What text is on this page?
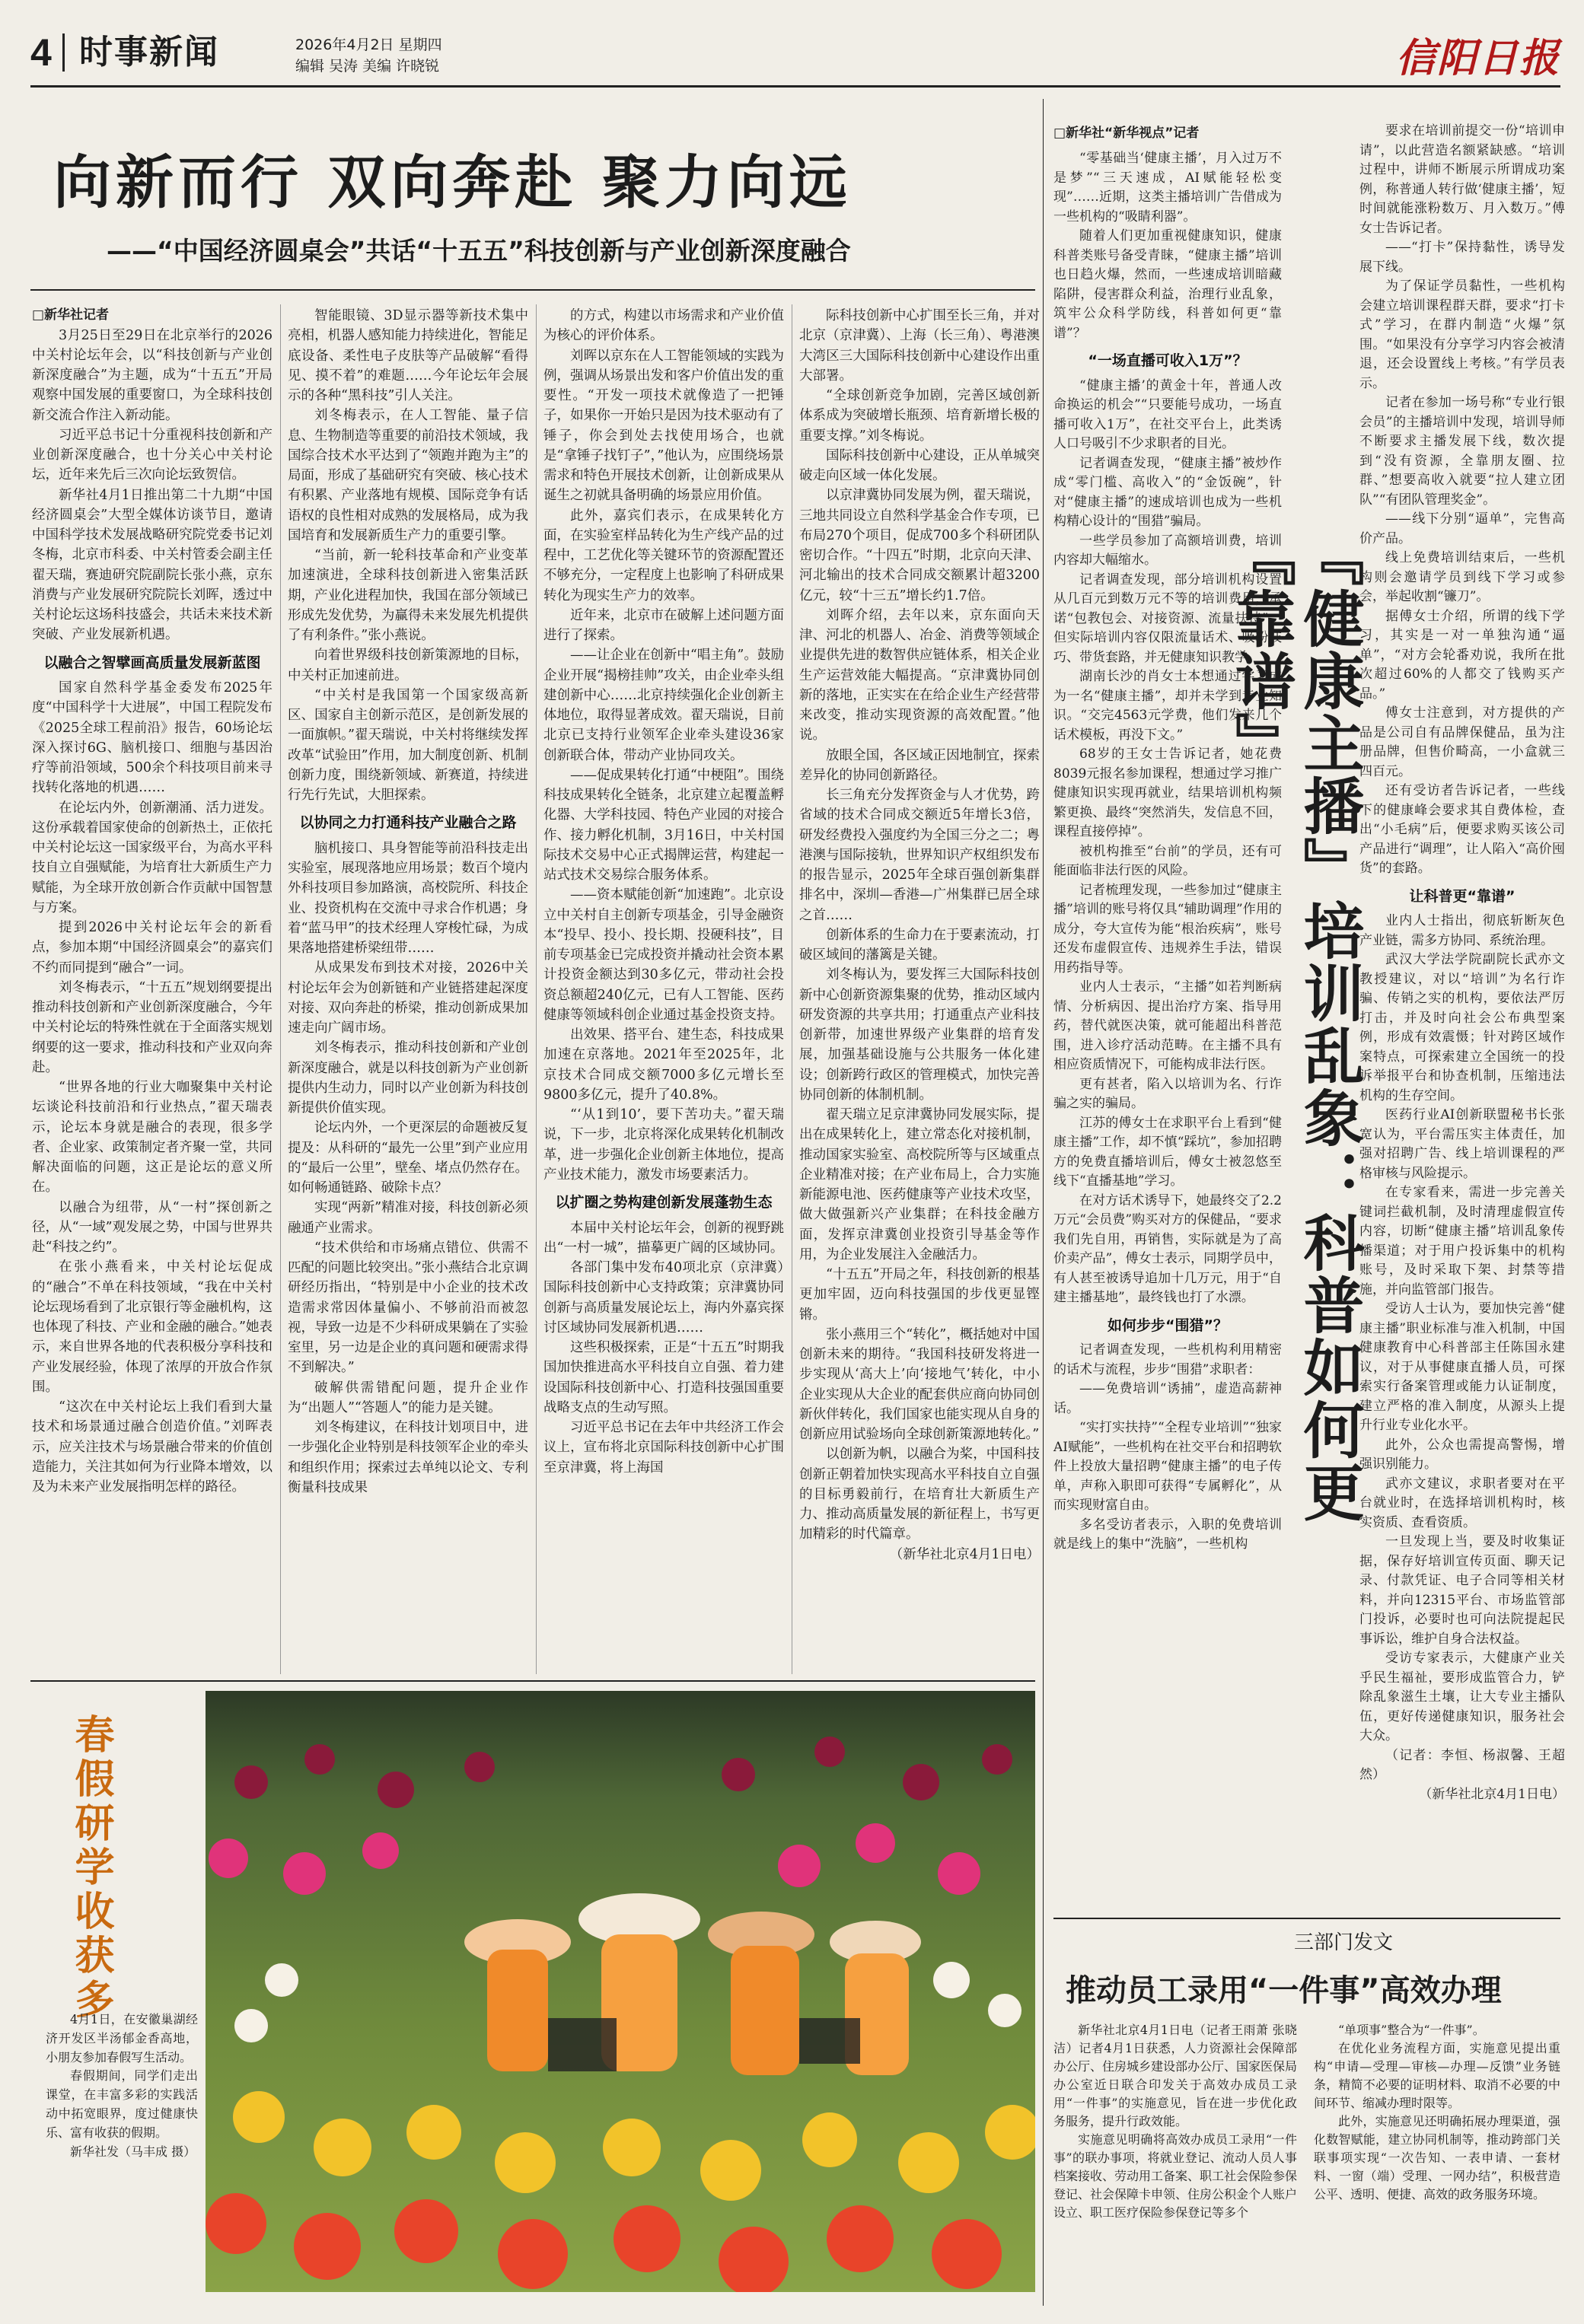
4 时事新闻	2026年4月2日 星期四
编辑 吴涛 美编 许晓锐	信阳日报
向新而行 双向奔赴 聚力向远
——“中国经济圆桌会”共话“十五五”科技创新与产业创新深度融合

□新华社记者

3月25日至29日在北京举行的2026中关村论坛年会，以“科技创新与产业创新深度融合”为主题，成为“十五五”开局观察中国发展的重要窗口，为全球科技创新交流合作注入新动能。

习近平总书记十分重视科技创新和产业创新深度融合，也十分关心中关村论坛，近年来先后三次向论坛致贺信。

新华社4月1日推出第二十九期“中国经济圆桌会”大型全媒体访谈节目，邀请中国科学技术发展战略研究院党委书记刘冬梅，北京市科委、中关村管委会副主任翟天瑞，赛迪研究院副院长张小燕，京东消费与产业发展研究院院长刘晖，透过中关村论坛这场科技盛会，共话未来技术新突破、产业发展新机遇。

以融合之智擘画高质量发展新蓝图

国家自然科学基金委发布2025年度“中国科学十大进展”，中国工程院发布《2025全球工程前沿》报告，60场论坛深入探讨6G、脑机接口、细胞与基因治疗等前沿领域，500余个科技项目前来寻找转化落地的机遇……

在论坛内外，创新潮涌、活力迸发。这份承载着国家使命的创新热土，正依托中关村论坛这一国家级平台，为高水平科技自立自强赋能，为培育壮大新质生产力赋能，为全球开放创新合作贡献中国智慧与方案。

提到2026中关村论坛年会的新看点，参加本期“中国经济圆桌会”的嘉宾们不约而同提到“融合”一词。

刘冬梅表示，“十五五”规划纲要提出推动科技创新和产业创新深度融合，今年中关村论坛的特殊性就在于全面落实规划纲要的这一要求，推动科技和产业双向奔赴。

“世界各地的行业大咖聚集中关村论坛谈论科技前沿和行业热点，”翟天瑞表示，论坛本身就是融合的表现，很多学者、企业家、政策制定者齐聚一堂，共同解决面临的问题，这正是论坛的意义所在。

以融合为纽带，从“一村”探创新之径，从“一域”观发展之势，中国与世界共赴“科技之约”。

在张小燕看来，中关村论坛促成的“融合”不单在科技领域，“我在中关村论坛现场看到了北京银行等金融机构，这也体现了科技、产业和金融的融合。”她表示，来自世界各地的代表积极分享科技和产业发展经验，体现了浓厚的开放合作氛围。

“这次在中关村论坛上我们看到大量技术和场景通过融合创造价值。”刘晖表示，应关注技术与场景融合带来的价值创造能力，关注其如何为行业降本增效，以及为未来产业发展指明怎样的路径。

智能眼镜、3D显示器等新技术集中亮相，机器人感知能力持续进化，智能足底设备、柔性电子皮肤等产品破解“看得见、摸不着”的难题……今年论坛年会展示的各种“黑科技”引人关注。

刘冬梅表示，在人工智能、量子信息、生物制造等重要的前沿技术领域，我国综合技术水平达到了“领跑并跑为主”的局面，形成了基础研究有突破、核心技术有积累、产业落地有规模、国际竞争有话语权的良性相对成熟的发展格局，成为我国培育和发展新质生产力的重要引擎。

“当前，新一轮科技革命和产业变革加速演进，全球科技创新进入密集活跃期，产业化进程加快，我国在部分领域已形成先发优势，为赢得未来发展先机提供了有利条件。”张小燕说。

向着世界级科技创新策源地的目标，中关村正加速前进。

“中关村是我国第一个国家级高新区、国家自主创新示范区，是创新发展的一面旗帜。”翟天瑞说，中关村将继续发挥改革“试验田”作用，加大制度创新、机制创新力度，围绕新领域、新赛道，持续进行先行先试，大胆探索。

以协同之力打通科技产业融合之路

脑机接口、具身智能等前沿科技走出实验室，展现落地应用场景；数百个境内外科技项目参加路演，高校院所、科技企业、投资机构在交流中寻求合作机遇；身着“蓝马甲”的技术经理人穿梭忙碌，为成果落地搭建桥梁纽带……

从成果发布到技术对接，2026中关村论坛年会为创新链和产业链搭建起深度对接、双向奔赴的桥梁，推动创新成果加速走向广阔市场。

刘冬梅表示，推动科技创新和产业创新深度融合，就是以科技创新为产业创新提供内生动力，同时以产业创新为科技创新提供价值实现。

论坛内外，一个更深层的命题被反复提及：从科研的“最先一公里”到产业应用的“最后一公里”，壁垒、堵点仍然存在。如何畅通链路、破除卡点？

实现“两新”精准对接，科技创新必须融通产业需求。

“技术供给和市场痛点错位、供需不匹配的问题比较突出。”张小燕结合北京调研经历指出，“特别是中小企业的技术改造需求常因体量偏小、不够前沿而被忽视，导致一边是不少科研成果躺在了实验室里，另一边是企业的真问题和硬需求得不到解决。”

破解供需错配问题，提升企业作为“出题人”“答题人”的能力是关键。

刘冬梅建议，在科技计划项目中，进一步强化企业特别是科技领军企业的牵头和组织作用；探索过去单纯以论文、专利衡量科技成果

的方式，构建以市场需求和产业价值为核心的评价体系。

刘晖以京东在人工智能领域的实践为例，强调从场景出发和客户价值出发的重要性。“开发一项技术就像造了一把锤子，如果你一开始只是因为技术驱动有了锤子，你会到处去找使用场合，也就是“拿锤子找钉子”，”他认为，应围绕场景需求和特色开展技术创新，让创新成果从诞生之初就具备明确的场景应用价值。

此外，嘉宾们表示，在成果转化方面，在实验室样品转化为生产线产品的过程中，工艺优化等关键环节的资源配置还不够充分，一定程度上也影响了科研成果转化为现实生产力的效率。

近年来，北京市在破解上述问题方面进行了探索。

——让企业在创新中“唱主角”。鼓励企业开展“揭榜挂帅”攻关，由企业牵头组建创新中心……北京持续强化企业创新主体地位，取得显著成效。翟天瑞说，目前北京已支持行业领军企业牵头建设36家创新联合体，带动产业协同攻关。

——促成果转化打通“中梗阻”。围绕科技成果转化全链条，北京建立起覆盖孵化器、大学科技园、特色产业园的对接合作、接力孵化机制，3月16日，中关村国际技术交易中心正式揭牌运营，构建起一站式技术交易综合服务体系。

——资本赋能创新“加速跑”。北京设立中关村自主创新专项基金，引导金融资本“投早、投小、投长期、投硬科技”，目前专项基金已完成投资并撬动社会资本累计投资金额达到30多亿元，带动社会投资总额超240亿元，已有人工智能、医药健康等领域科创企业通过基金投资支持。

出效果、搭平台、建生态，科技成果加速在京落地。2021年至2025年，北京技术合同成交额7000多亿元增长至9800多亿元，提升了40.8%。

“‘从1到10’，要下苦功夫。”翟天瑞说，下一步，北京将深化成果转化机制改革，进一步强化企业创新主体地位，提高产业技术能力，激发市场要素活力。

以扩圈之势构建创新发展蓬勃生态

本届中关村论坛年会，创新的视野跳出“一村一城”，描摹更广阔的区域协同。

各部门集中发布40项北京（京津冀）国际科技创新中心支持政策；京津冀协同创新与高质量发展论坛上，海内外嘉宾探讨区域协同发展新机遇……

这些积极探索，正是“十五五”时期我国加快推进高水平科技自立自强、着力建设国际科技创新中心、打造科技强国重要战略支点的生动写照。

习近平总书记在去年中共经济工作会议上，宣布将北京国际科技创新中心扩围至京津冀，将上海国

际科技创新中心扩围至长三角，并对北京（京津冀）、上海（长三角）、粤港澳大湾区三大国际科技创新中心建设作出重大部署。

“全球创新竞争加剧，完善区域创新体系成为突破增长瓶颈、培育新增长极的重要支撑。”刘冬梅说。

国际科技创新中心建设，正从单城突破走向区域一体化发展。

以京津冀协同发展为例，翟天瑞说，三地共同设立自然科学基金合作专项，已布局270个项目，促成700多个科研团队密切合作。“十四五”时期，北京向天津、河北输出的技术合同成交额累计超3200亿元，较“十三五”增长约1.7倍。

刘晖介绍，去年以来，京东面向天津、河北的机器人、冶金、消费等领域企业提供先进的数智供应链体系，相关企业生产运营效能大幅提高。“京津冀协同创新的落地，正实实在在给企业生产经营带来改变，推动实现资源的高效配置。”他说。

放眼全国，各区域正因地制宜，探索差异化的协同创新路径。

长三角充分发挥资金与人才优势，跨省域的技术合同成交额近5年增长3倍，研发经费投入强度约为全国三分之二；粤港澳与国际接轨，世界知识产权组织发布的报告显示，2025年全球百强创新集群排名中，深圳—香港—广州集群已居全球之首……

创新体系的生命力在于要素流动，打破区域间的藩篱是关键。

刘冬梅认为，要发挥三大国际科技创新中心创新资源集聚的优势，推动区域内研发资源的共享共用；打通重点产业科技创新带，加速世界级产业集群的培育发展，加强基础设施与公共服务一体化建设；创新跨行政区的管理模式，加快完善协同创新的体制机制。

翟天瑞立足京津冀协同发展实际，提出在成果转化上，建立常态化对接机制，推动国家实验室、高校院所等与区域重点企业精准对接；在产业布局上，合力实施新能源电池、医药健康等产业技术攻坚，做大做强新兴产业集群；在科技金融方面，发挥京津冀创业投资引导基金等作用，为企业发展注入金融活力。

“十五五”开局之年，科技创新的根基更加牢固，迈向科技强国的步伐更显铿锵。

张小燕用三个“转化”，概括她对中国创新未来的期待。“我国科技研发将进一步实现从‘高大上’向‘接地气’转化，中小企业实现从大企业的配套供应商向协同创新伙伴转化，我们国家也能实现从自身的创新应用试验场向全球创新策源地转化。”

以创新为帆，以融合为桨，中国科技创新正朝着加快实现高水平科技自立自强的目标勇毅前行，在培育壮大新质生产力、推动高质量发展的新征程上，书写更加精彩的时代篇章。

（新华社北京4月1日电）

春假研学收获多

4月1日，在安徽巢湖经济开发区半汤郁金香高地，小朋友参加春假写生活动。

春假期间，同学们走出课堂，在丰富多彩的实践活动中拓宽眼界，度过健康快乐、富有收获的假期。

新华社发（马丰成 摄）

□新华社“新华视点”记者

“零基础当‘健康主播’，月入过万不是梦”“三天速成，AI赋能轻松变现”……近期，这类主播培训广告借成为一些机构的“吸睛利器”。

随着人们更加重视健康知识，健康科普类账号备受青睐，“健康主播”培训也日趋火爆，然而，一些速成培训暗藏陷阱，侵害群众利益，治理行业乱象，筑牢公众科学防线，科普如何更“靠谱”？

“一场直播可收入1万”？

“健康主播’的黄金十年，普通人改命换运的机会”“只要能号成功，一场直播可收入1万”，在社交平台上，此类诱人口号吸引不少求职者的目光。

记者调查发现，“健康主播”被炒作成“零门槛、高收入”的“金饭碗”，针对“健康主播”的速成培训也成为一些机构精心设计的“围猎”骗局。

一些学员参加了高额培训费，培训内容却大幅缩水。

记者调查发现，部分培训机构设置从几百元到数万元不等的培训费用，承诺“包教包会、对接资源、流量扶持”，但实际培训内容仅限流量话术、吸粉技巧、带货套路，并无健康知识教学。

湖南长沙的肖女士本想通过学习成为一名“健康主播”，却并未学到专业知识。“交完4563元学费，他们发来几个话术模板，再没下文。”

68岁的王女士告诉记者，她花费8039元报名参加课程，想通过学习推广健康知识实现再就业，结果培训机构频繁更换、最终“突然消失，发信息不回，课程直接停掉”。

被机构推至“台前”的学员，还有可能面临非法行医的风险。

记者梳理发现，一些参加过“健康主播”培训的账号将仅具“辅助调理”作用的成分，夸大宣传为能“根治疾病”，账号还发布虚假宣传、违规养生手法，错误用药指导等。

业内人士表示，“主播”如若判断病情、分析病因、提出治疗方案、指导用药，替代就医决策，就可能超出科普范围，进入诊疗活动范畴。在主播不具有相应资质情况下，可能构成非法行医。

更有甚者，陷入以培训为名、行诈骗之实的骗局。

江苏的傅女士在求职平台上看到“健康主播”工作，却不慎“踩坑”，参加招聘方的免费直播培训后，傅女士被忽悠至线下“直播基地”学习。

在对方话术诱导下，她最终交了2.2万元“会员费”购买对方的保健品，“要求我们先自用，再销售，实际就是为了高价卖产品”，傅女士表示，同期学员中，有人甚至被诱导追加十几万元，用于“自建主播基地”，最终钱也打了水漂。

如何步步“围猎”？

记者调查发现，一些机构利用精密的话术与流程，步步“围猎”求职者：

——免费培训“诱捕”，虚造高薪神话。

“实打实扶持”“全程专业培训”“独家AI赋能”，一些机构在社交平台和招聘软件上投放大量招聘“健康主播”的电子传单，声称入职即可获得“专属孵化”，从而实现财富自由。

多名受访者表示，入职的免费培训就是线上的集中“洗脑”，一些机构

『健康主播』培训乱象：科普如何更『靠谱』

要求在培训前提交一份“培训申请”，以此营造名额紧缺感。“培训过程中，讲师不断展示所谓成功案例，称普通人转行做‘健康主播’，短时间就能涨粉数万、月入数万。”傅女士告诉记者。

——“打卡”保持黏性，诱导发展下线。

为了保证学员黏性，一些机构会建立培训课程群天群，要求“打卡式”学习，在群内制造“火爆”氛围。“如果没有分享学习内容会被清退，还会设置线上考核。”有学员表示。

记者在参加一场号称“专业行银会员”的主播培训中发现，培训导师不断要求主播发展下线，数次提到“没有资源，全靠朋友圈、拉群、”想要高收入就要“拉人建立团队”“有团队管理奖金”。

——线下分别“逼单”，完售高价产品。

线上免费培训结束后，一些机构则会邀请学员到线下学习或参会，举起收割“镰刀”。

据傅女士介绍，所谓的线下学习，其实是一对一单独沟通“逼单”，“对方会轮番劝说，我所在批次超过60%的人都交了钱购买产品。”

傅女士注意到，对方提供的产品是公司自有品牌保健品，虽为注册品牌，但售价畸高，一小盒就三四百元。

还有受访者告诉记者，一些线下的健康峰会要求其自费体检，查出“小毛病”后，便要求购买该公司产品进行“调理”，让人陷入“高价囤货”的套路。

让科普更“靠谱”

业内人士指出，彻底斩断灰色产业链，需多方协同、系统治理。

武汉大学法学院副院长武亦文教授建议，对以“培训”为名行诈骗、传销之实的机构，要依法严厉打击，并及时向社会公布典型案例，形成有效震慑；针对跨区域作案特点，可探索建立全国统一的投诉举报平台和协查机制，压缩违法机构的生存空间。

医药行业AI创新联盟秘书长张宽认为，平台需压实主体责任，加强对招聘广告、线上培训课程的严格审核与风险提示。

在专家看来，需进一步完善关键词拦截机制，及时清理虚假宣传内容，切断“健康主播”培训乱象传播渠道；对于用户投诉集中的机构账号，及时采取下架、封禁等措施，并向监管部门报告。

受访人士认为，要加快完善“健康主播”职业标准与准入机制，中国健康教育中心科普部主任陈国永建议，对于从事健康直播人员，可探索实行备案管理或能力认证制度，建立严格的准入制度，从源头上提升行业专业化水平。

此外，公众也需提高警惕，增强识别能力。

武亦文建议，求职者要对在平台就业时，在选择培训机构时，核实资质、查看资质。

一旦发现上当，要及时收集证据，保存好培训宣传页面、聊天记录、付款凭证、电子合同等相关材料，并向12315平台、市场监管部门投诉，必要时也可向法院提起民事诉讼，维护自身合法权益。

受访专家表示，大健康产业关乎民生福祉，要形成监管合力，铲除乱象滋生土壤，让大专业主播队伍，更好传递健康知识，服务社会大众。

（记者：李恒、杨淑馨、王超然）

（新华社北京4月1日电）

三部门发文
推动员工录用“一件事”高效办理

新华社北京4月1日电（记者王雨萧 张晓洁）记者4月1日获悉，人力资源社会保障部办公厅、住房城乡建设部办公厅、国家医保局办公室近日联合印发关于高效办成员工录用“一件事”的实施意见，旨在进一步优化政务服务，提升行政效能。

实施意见明确将高效办成员工录用“一件事”的联办事项，将就业登记、流动人员人事档案接收、劳动用工备案、职工社会保险参保登记、社会保障卡申领、住房公积金个人账户设立、职工医疗保险参保登记等多个

“单项事”整合为“一件事”。

在优化业务流程方面，实施意见提出重构“申请—受理—审核—办理—反馈”业务链条，精简不必要的证明材料、取消不必要的中间环节、缩减办理时限等。

此外，实施意见还明确拓展办理渠道，强化数智赋能，建立协同机制等，推动跨部门关联事项实现“一次告知、一表申请、一套材料、一窗（端）受理、一网办结”，积极营造公平、透明、便捷、高效的政务服务环境。
